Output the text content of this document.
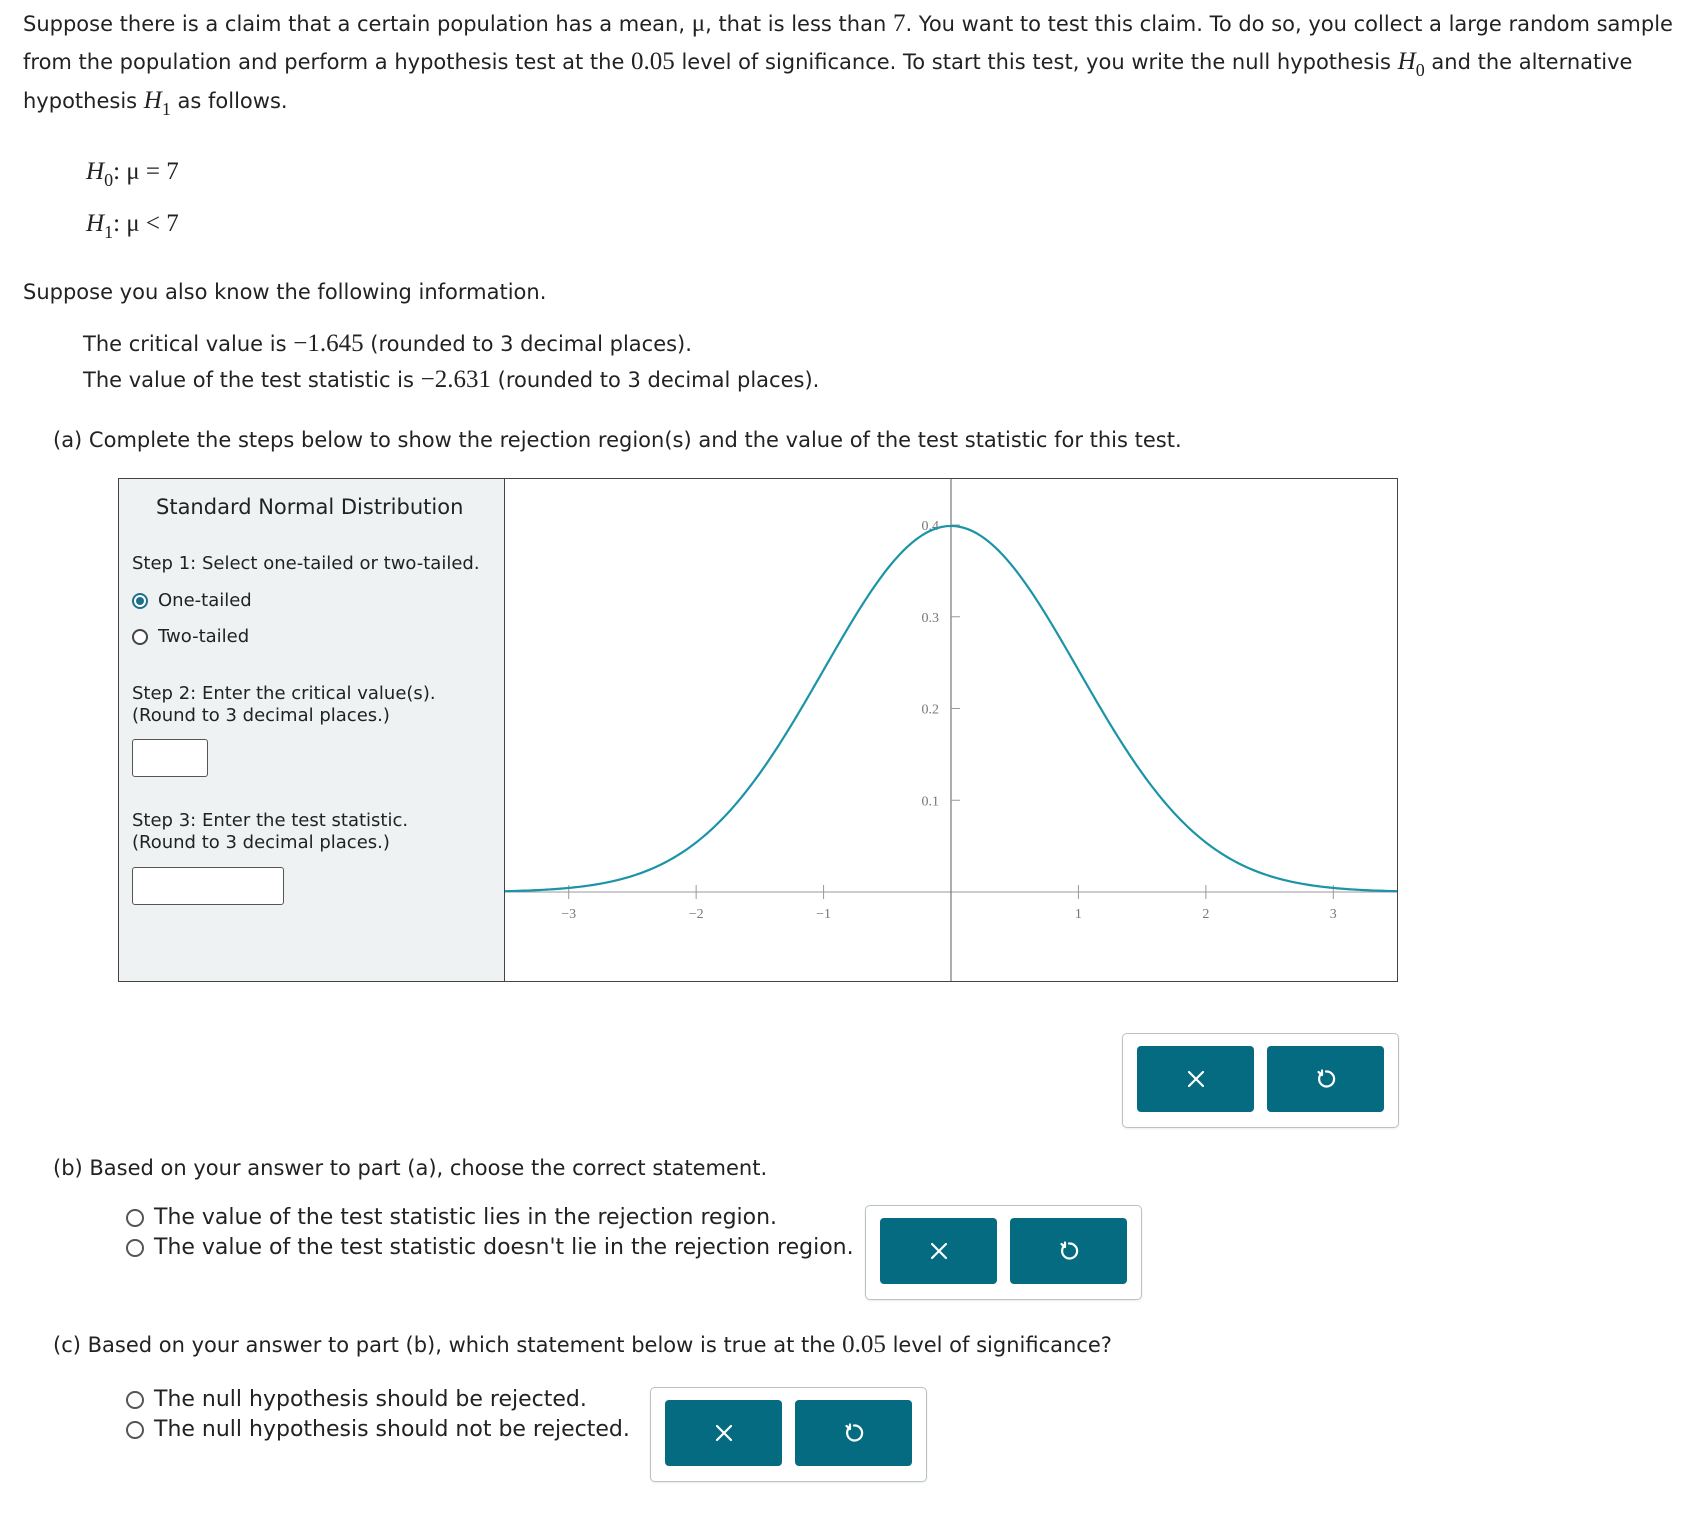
Suppose there is a claim that a certain population has a mean, μ, that is less than 7. You want to test this claim. To do so, you collect a large random sample from the population and perform a hypothesis test at the 0.05 level of significance. To start this test, you write the null hypothesis H0 and the alternative hypothesis H1 as follows.
$H_0$: μ = 7
$H_1$: μ < 7
Suppose you also know the following information.
The critical value is −1.645 (rounded to 3 decimal places).
The value of the test statistic is −2.631 (rounded to 3 decimal places).
(a) Complete the steps below to show the rejection region(s) and the value of the test statistic for this test.
Standard Normal Distribution
Step 1: Select one-tailed or two-tailed.
One-tailed
Two-tailed
Step 2: Enter the critical value(s).
(Round to 3 decimal places.)
Step 3: Enter the test statistic.
(Round to 3 decimal places.)
−3	−2	−1	1	2	3
0.1
0.2
0.3
0.4
(b) Based on your answer to part (a), choose the correct statement.
The value of the test statistic lies in the rejection region.
The value of the test statistic doesn't lie in the rejection region.
(c) Based on your answer to part (b), which statement below is true at the 0.05 level of significance?
The null hypothesis should be rejected.
The null hypothesis should not be rejected.
